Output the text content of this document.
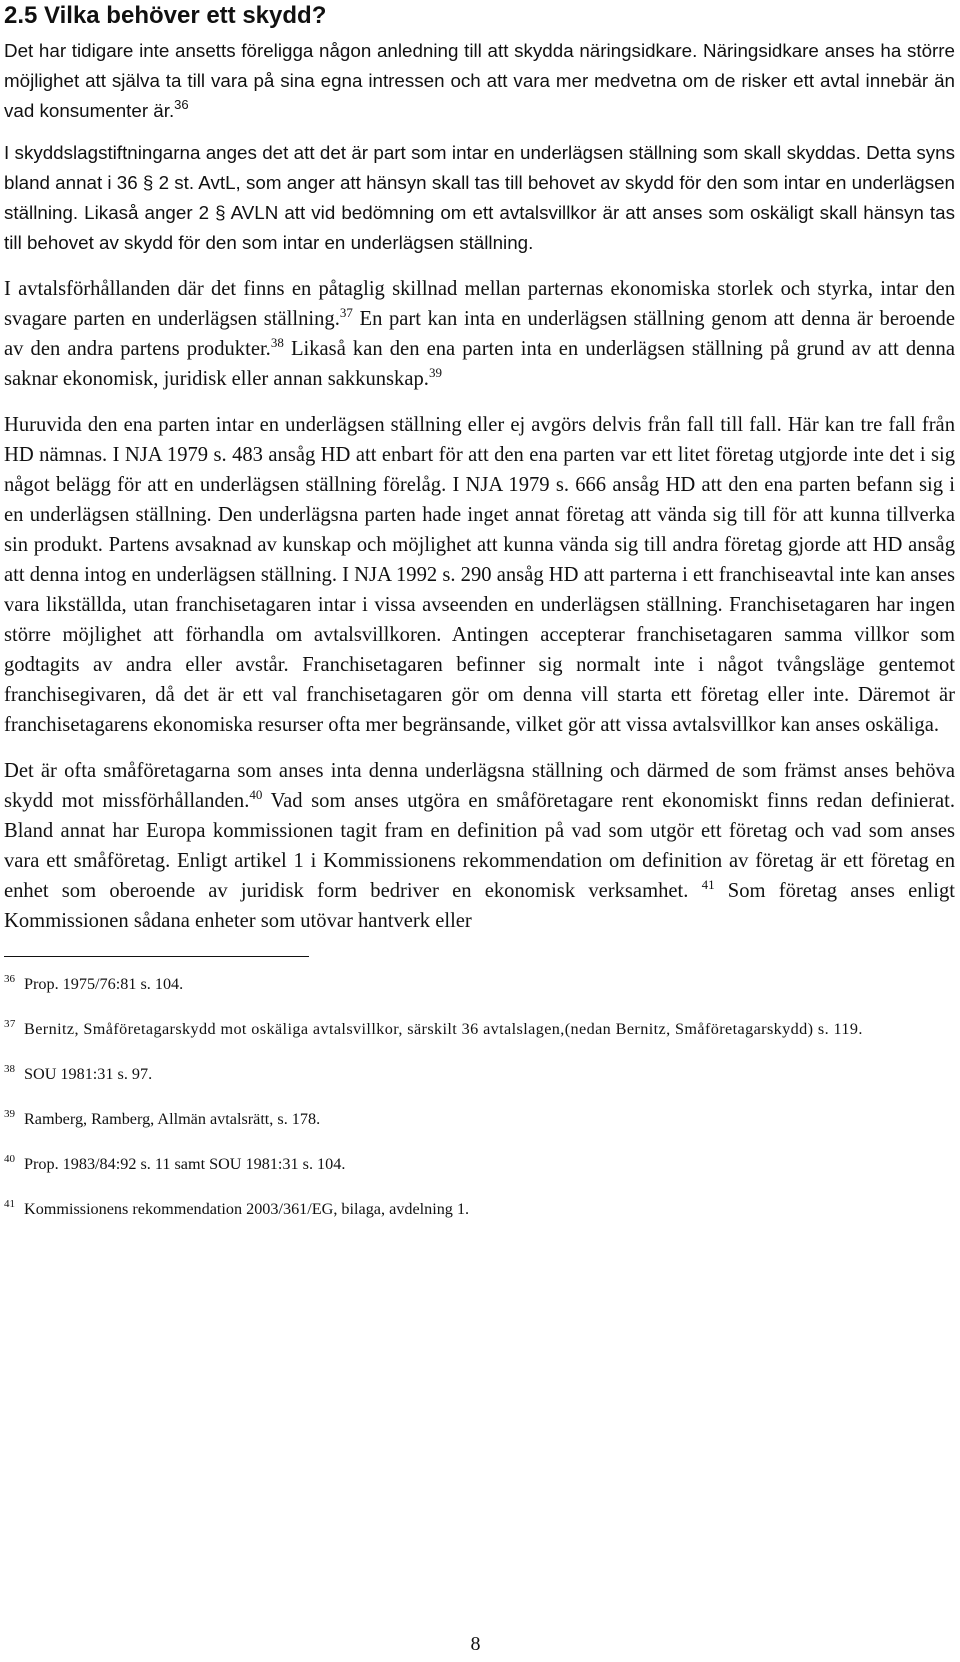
2.5 Vilka behöver ett skydd?

Det har tidigare inte ansetts föreligga någon anledning till att skydda näringsidkare. Näringsidkare anses ha större möjlighet att själva ta till vara på sina egna intressen och att vara mer medvetna om de risker ett avtal innebär än vad konsumenter är.$^{36}$

I skyddslagstiftningarna anges det att det är part som intar en underlägsen ställning som skall skyddas. Detta syns bland annat i 36 § 2 st. AvtL, som anger att hänsyn skall tas till behovet av skydd för den som intar en underlägsen ställning. Likaså anger 2 § AVLN att vid bedömning om ett avtalsvillkor är att anses som oskäligt skall hänsyn tas till behovet av skydd för den som intar en underlägsen ställning.

I avtalsförhållanden där det finns en påtaglig skillnad mellan parternas ekonomiska storlek och styrka, intar den svagare parten en underlägsen ställning.$^{37}$ En part kan inta en underlägsen ställning genom att denna är beroende av den andra partens produkter.$^{38}$ Likaså kan den ena parten inta en underlägsen ställning på grund av att denna saknar ekonomisk, juridisk eller annan sakkunskap.$^{39}$

Huruvida den ena parten intar en underlägsen ställning eller ej avgörs delvis från fall till fall. Här kan tre fall från HD nämnas. I NJA 1979 s. 483 ansåg HD att enbart för att den ena parten var ett litet företag utgjorde inte det i sig något belägg för att en underlägsen ställning förelåg. I NJA 1979 s. 666 ansåg HD att den ena parten befann sig i en underlägsen ställning. Den underlägsna parten hade inget annat företag att vända sig till för att kunna tillverka sin produkt. Partens avsaknad av kunskap och möjlighet att kunna vända sig till andra företag gjorde att HD ansåg att denna intog en underlägsen ställning. I NJA 1992 s. 290 ansåg HD att parterna i ett franchiseavtal inte kan anses vara likställda, utan franchisetagaren intar i vissa avseenden en underlägsen ställning. Franchisetagaren har ingen större möjlighet att förhandla om avtalsvillkoren. Antingen accepterar franchisetagaren samma villkor som godtagits av andra eller avstår. Franchisetagaren befinner sig normalt inte i något tvångsläge gentemot franchisegivaren, då det är ett val franchisetagaren gör om denna vill starta ett företag eller inte. Däremot är franchisetagarens ekonomiska resurser ofta mer begränsande, vilket gör att vissa avtalsvillkor kan anses oskäliga.

Det är ofta småföretagarna som anses inta denna underlägsna ställning och därmed de som främst anses behöva skydd mot missförhållanden.$^{40}$ Vad som anses utgöra en småföretagare rent ekonomiskt finns redan definierat. Bland annat har Europa kommissionen tagit fram en definition på vad som utgör ett företag och vad som anses vara ett småföretag. Enligt artikel 1 i Kommissionens rekommendation om definition av företag är ett företag en enhet som oberoende av juridisk form bedriver en ekonomisk verksamhet. $^{41}$ Som företag anses enligt Kommissionen sådana enheter som utövar hantverk eller

36 Prop. 1975/76:81 s. 104.

37 Bernitz, Småföretagarskydd mot oskäliga avtalsvillkor, särskilt 36 avtalslagen,(nedan Bernitz, Småföretagarskydd) s. 119.

38 SOU 1981:31 s. 97.

39 Ramberg, Ramberg, Allmän avtalsrätt, s. 178.

40 Prop. 1983/84:92 s. 11 samt SOU 1981:31 s. 104.

41 Kommissionens rekommendation 2003/361/EG, bilaga, avdelning 1.

8
